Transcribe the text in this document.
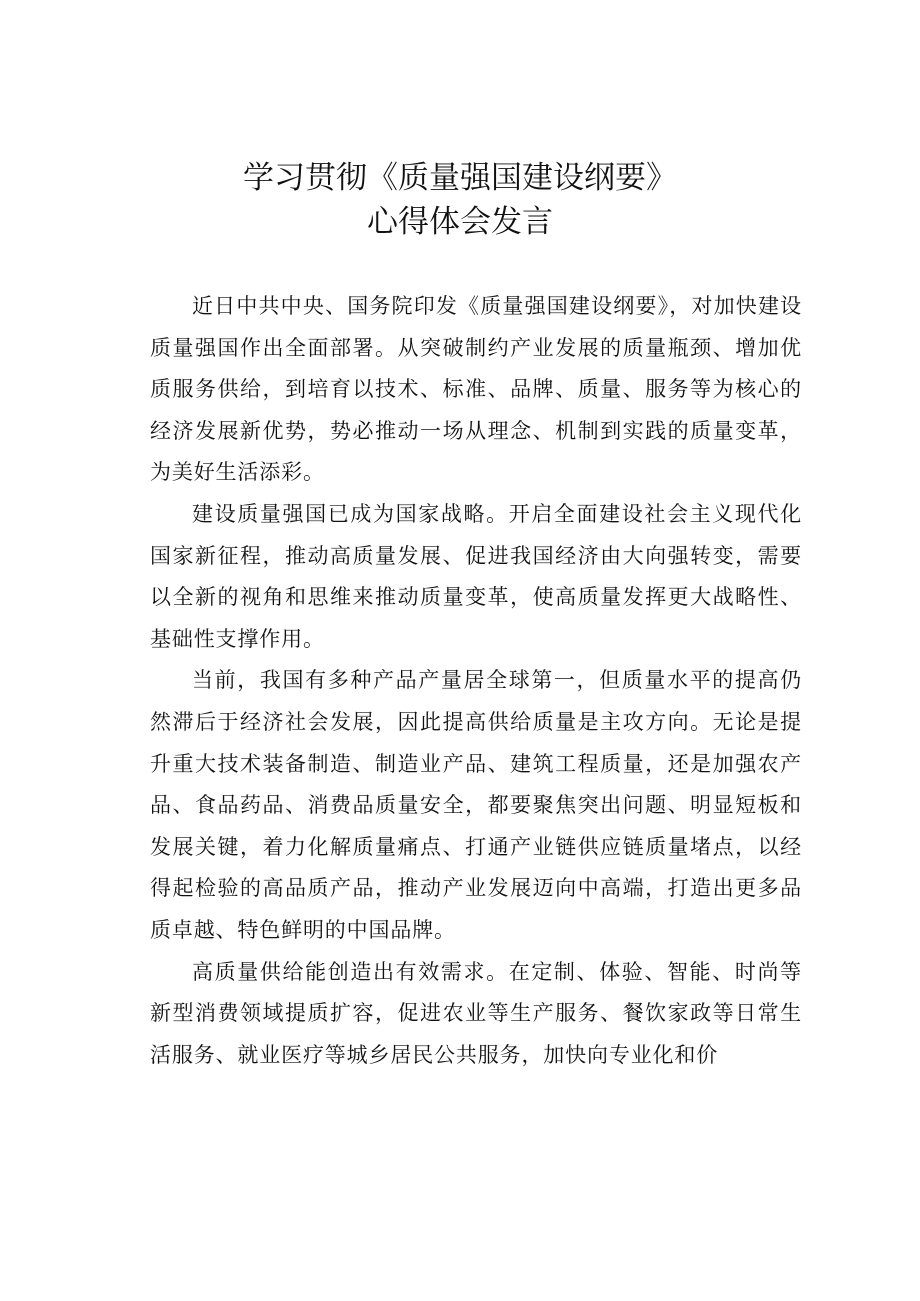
学习贯彻《质量强国建设纲要》
心得体会发言

近日中共中央、国务院印发《质量强国建设纲要》，对加快建设质量强国作出全面部署。从突破制约产业发展的质量瓶颈、增加优质服务供给，到培育以技术、标准、品牌、质量、服务等为核心的经济发展新优势，势必推动一场从理念、机制到实践的质量变革，为美好生活添彩。

建设质量强国已成为国家战略。开启全面建设社会主义现代化国家新征程，推动高质量发展、促进我国经济由大向强转变，需要以全新的视角和思维来推动质量变革，使高质量发挥更大战略性、基础性支撑作用。

当前，我国有多种产品产量居全球第一，但质量水平的提高仍然滞后于经济社会发展，因此提高供给质量是主攻方向。无论是提升重大技术装备制造、制造业产品、建筑工程质量，还是加强农产品、食品药品、消费品质量安全，都要聚焦突出问题、明显短板和发展关键，着力化解质量痛点、打通产业链供应链质量堵点，以经得起检验的高品质产品，推动产业发展迈向中高端，打造出更多品质卓越、特色鲜明的中国品牌。

高质量供给能创造出有效需求。在定制、体验、智能、时尚等新型消费领域提质扩容，促进农业等生产服务、餐饮家政等日常生活服务、就业医疗等城乡居民公共服务，加快向专业化和价
